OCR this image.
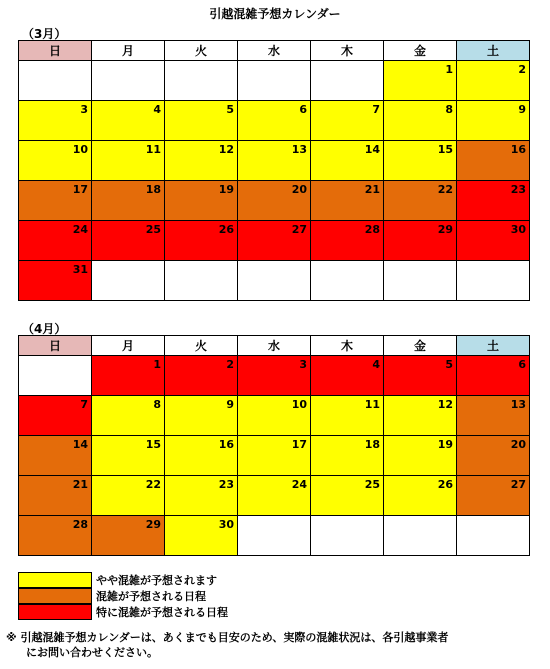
引越混雑予想カレンダー
（3月）
日	月	火	水	木	金	土

					1	2

3	4	5	6	7	8	9

10	11	12	13	14	15	16

17	18	19	20	21	22	23

24	25	26	27	28	29	30

31						

（4月）
日	月	火	水	木	金	土

	1	2	3	4	5	6

7	8	9	10	11	12	13

14	15	16	17	18	19	20

21	22	23	24	25	26	27

28	29	30				

やや混雑が予想されます
混雑が予想される日程
特に混雑が予想される日程
※ 引越混雑予想カレンダーは、あくまでも目安のため、実際の混雑状況は、各引越事業者
にお問い合わせください。
